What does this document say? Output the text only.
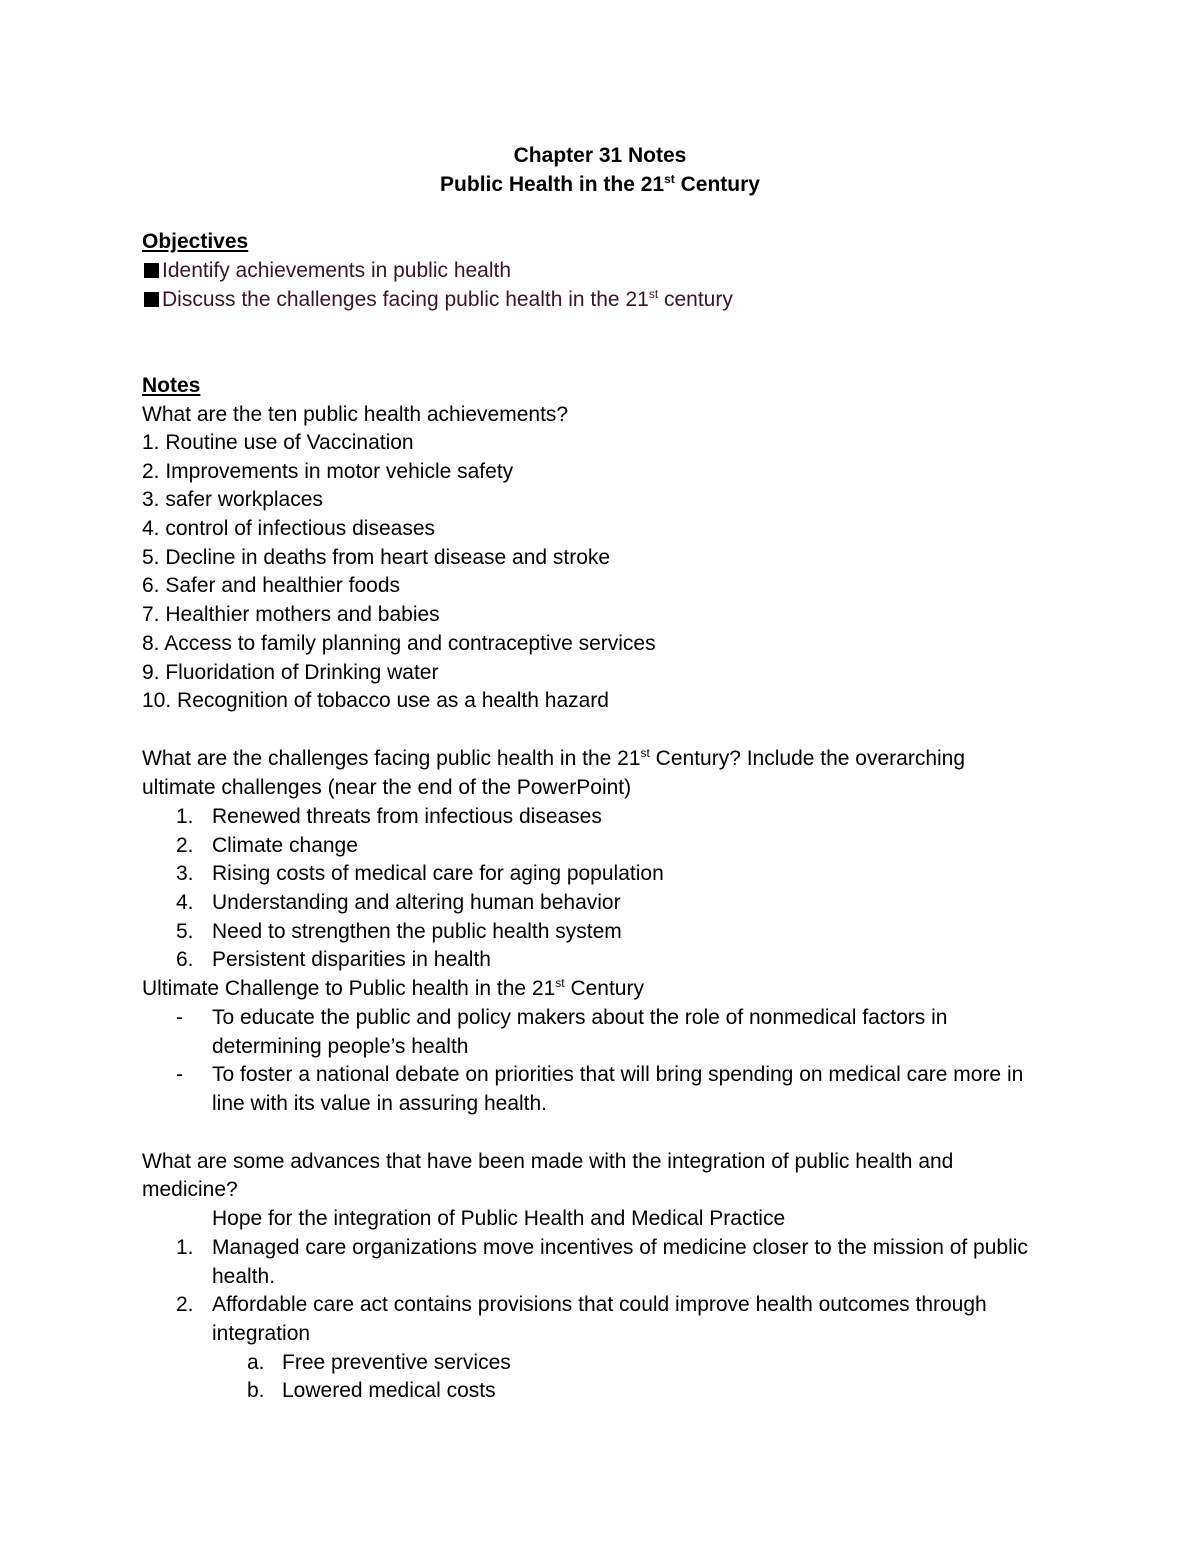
Chapter 31 Notes
Public Health in the 21st Century
Objectives
Identify achievements in public health
Discuss the challenges facing public health in the 21st century
Notes
What are the ten public health achievements?
1. Routine use of Vaccination
2. Improvements in motor vehicle safety
3. safer workplaces
4. control of infectious diseases
5. Decline in deaths from heart disease and stroke
6. Safer and healthier foods
7. Healthier mothers and babies
8. Access to family planning and contraceptive services
9. Fluoridation of Drinking water
10. Recognition of tobacco use as a health hazard
What are the challenges facing public health in the 21st Century? Include the overarching
ultimate challenges (near the end of the PowerPoint)
1. Renewed threats from infectious diseases
2. Climate change
3. Rising costs of medical care for aging population
4. Understanding and altering human behavior
5. Need to strengthen the public health system
6. Persistent disparities in health
Ultimate Challenge to Public health in the 21st Century
- To educate the public and policy makers about the role of nonmedical factors in
determining people’s health
- To foster a national debate on priorities that will bring spending on medical care more in
line with its value in assuring health.
What are some advances that have been made with the integration of public health and
medicine?
Hope for the integration of Public Health and Medical Practice
1. Managed care organizations move incentives of medicine closer to the mission of public
health.
2. Affordable care act contains provisions that could improve health outcomes through
integration
a. Free preventive services
b. Lowered medical costs
